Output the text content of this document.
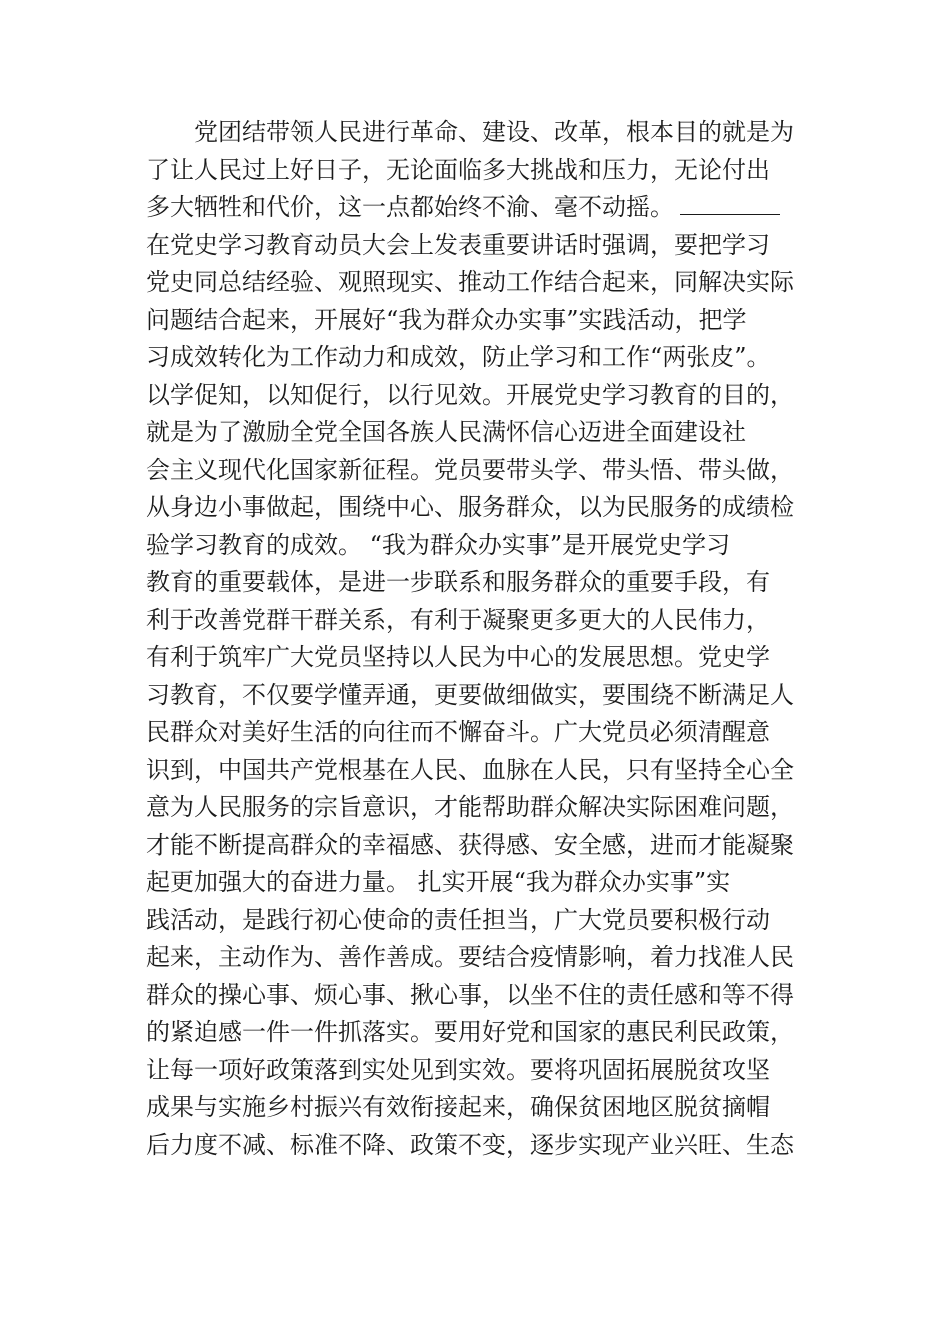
　　党团结带领人民进行革命、建设、改革，根本目的就是为
了让人民过上好日子，无论面临多大挑战和压力，无论付出
多大牺牲和代价，这一点都始终不渝、毫不动摇。
在党史学习教育动员大会上发表重要讲话时强调，要把学习
党史同总结经验、观照现实、推动工作结合起来，同解决实际
问题结合起来，开展好“我为群众办实事”实践活动，把学
习成效转化为工作动力和成效，防止学习和工作“两张皮”。
以学促知，以知促行，以行见效。开展党史学习教育的目的，
就是为了激励全党全国各族人民满怀信心迈进全面建设社
会主义现代化国家新征程。党员要带头学、带头悟、带头做，
从身边小事做起，围绕中心、服务群众，以为民服务的成绩检
验学习教育的成效。 “我为群众办实事”是开展党史学习
教育的重要载体，是进一步联系和服务群众的重要手段，有
利于改善党群干群关系，有利于凝聚更多更大的人民伟力，
有利于筑牢广大党员坚持以人民为中心的发展思想。党史学
习教育，不仅要学懂弄通，更要做细做实，要围绕不断满足人
民群众对美好生活的向往而不懈奋斗。广大党员必须清醒意
识到，中国共产党根基在人民、血脉在人民，只有坚持全心全
意为人民服务的宗旨意识，才能帮助群众解决实际困难问题，
才能不断提高群众的幸福感、获得感、安全感，进而才能凝聚
起更加强大的奋进力量。 扎实开展“我为群众办实事”实
践活动，是践行初心使命的责任担当，广大党员要积极行动
起来，主动作为、善作善成。要结合疫情影响，着力找准人民
群众的操心事、烦心事、揪心事，以坐不住的责任感和等不得
的紧迫感一件一件抓落实。要用好党和国家的惠民利民政策，
让每一项好政策落到实处见到实效。要将巩固拓展脱贫攻坚
成果与实施乡村振兴有效衔接起来，确保贫困地区脱贫摘帽
后力度不减、标准不降、政策不变，逐步实现产业兴旺、生态
